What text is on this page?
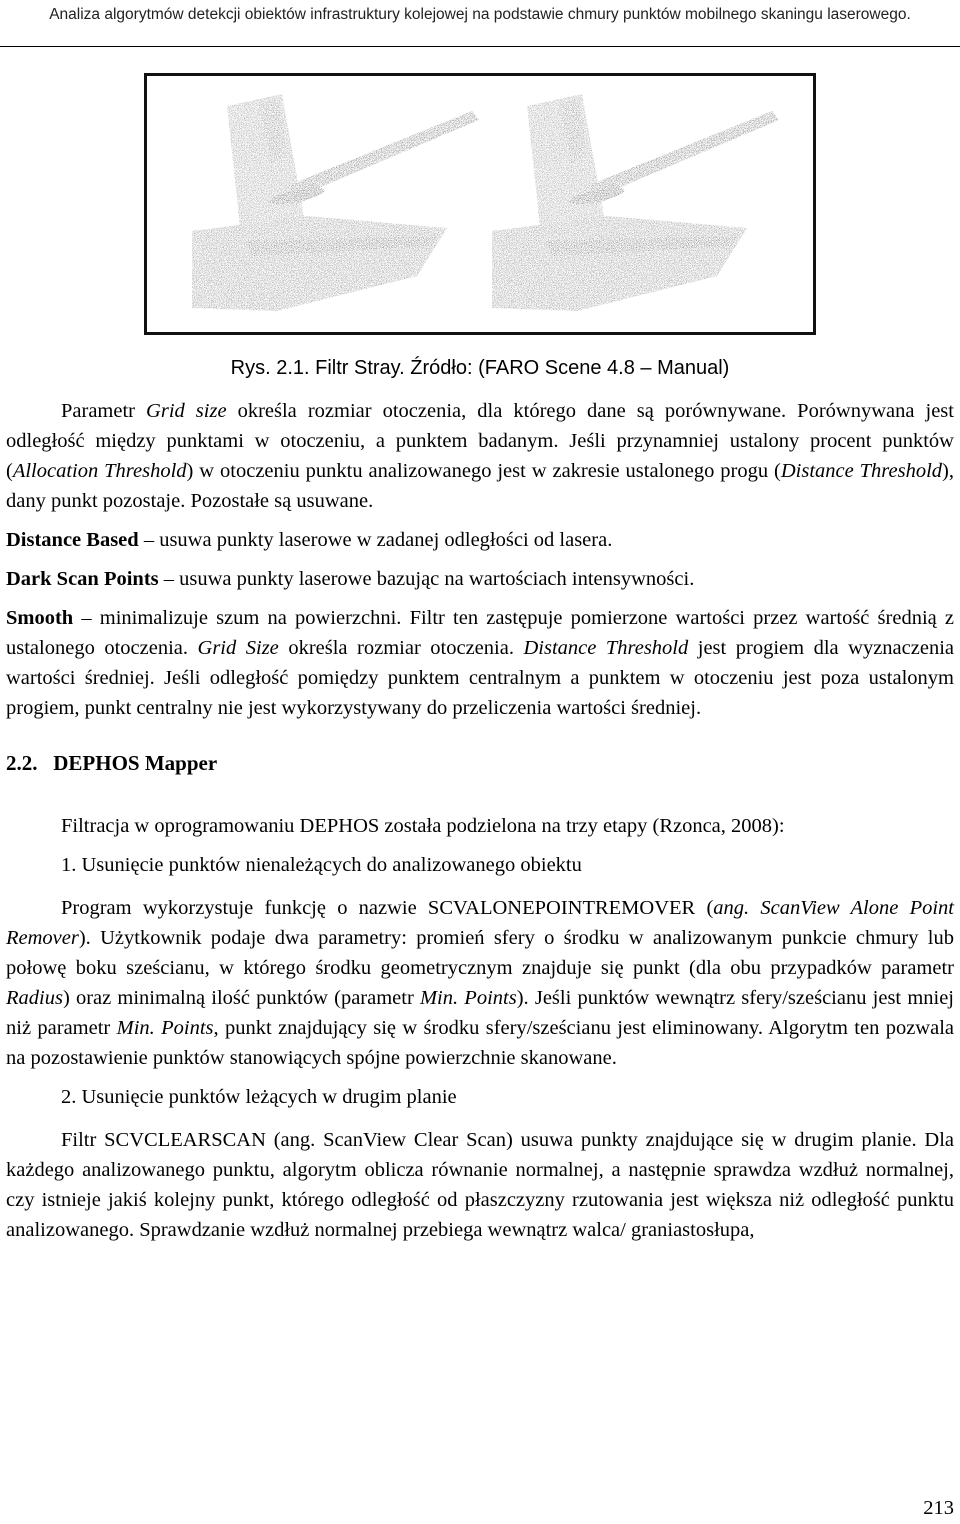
Analiza algorytmów detekcji obiektów infrastruktury kolejowej na podstawie chmury punktów mobilnego skaningu laserowego.
Rys. 2.1. Filtr Stray. Źródło: (FARO Scene 4.8 – Manual)

Parametr Grid size określa rozmiar otoczenia, dla którego dane są porównywane. Porównywana jest odległość między punktami w otoczeniu, a punktem badanym. Jeśli przynamniej ustalony procent punktów (Allocation Threshold) w otoczeniu punktu analizowanego jest w zakresie ustalonego progu (Distance Threshold), dany punkt pozostaje. Pozostałe są usuwane.

Distance Based – usuwa punkty laserowe w zadanej odległości od lasera.

Dark Scan Points – usuwa punkty laserowe bazując na wartościach intensywności.

Smooth – minimalizuje szum na powierzchni. Filtr ten zastępuje pomierzone wartości przez wartość średnią z ustalonego otoczenia. Grid Size określa rozmiar otoczenia. Distance Threshold jest progiem dla wyznaczenia wartości średniej. Jeśli odległość pomiędzy punktem centralnym a punktem w otoczeniu jest poza ustalonym progiem, punkt centralny nie jest wykorzystywany do przeliczenia wartości średniej.

2.2. DEPHOS Mapper

Filtracja w oprogramowaniu DEPHOS została podzielona na trzy etapy (Rzonca, 2008):

1. Usunięcie punktów nienależących do analizowanego obiektu

Program wykorzystuje funkcję o nazwie SCVALONEPOINTREMOVER (ang. ScanView Alone Point Remover). Użytkownik podaje dwa parametry: promień sfery o środku w analizowanym punkcie chmury lub połowę boku sześcianu, w którego środku geometrycznym znajduje się punkt (dla obu przypadków parametr Radius) oraz minimalną ilość punktów (parametr Min. Points). Jeśli punktów wewnątrz sfery/sześcianu jest mniej niż parametr Min. Points, punkt znajdujący się w środku sfery/sześcianu jest eliminowany. Algorytm ten pozwala na pozostawienie punktów stanowiących spójne powierzchnie skanowane.

2. Usunięcie punktów leżących w drugim planie

Filtr SCVCLEARSCAN (ang. ScanView Clear Scan) usuwa punkty znajdujące się w drugim planie. Dla każdego analizowanego punktu, algorytm oblicza równanie normalnej, a następnie sprawdza wzdłuż normalnej, czy istnieje jakiś kolejny punkt, którego odległość od płaszczyzny rzutowania jest większa niż odległość punktu analizowanego. Sprawdzanie wzdłuż normalnej przebiega wewnątrz walca/ graniastosłupa,

213
